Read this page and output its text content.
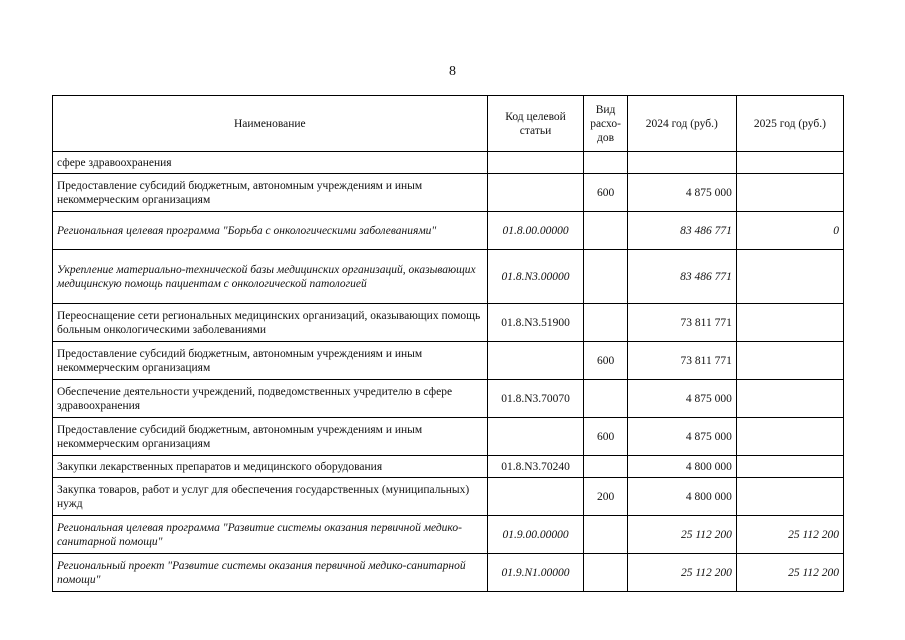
8
Наименование	Код целевой статьи	Вид расхо-дов	2024 год (руб.)	2025 год (руб.)
сфере здравоохранения				
Предоставление субсидий бюджетным, автономным учреждениям и иным некоммерческим организациям		600	4 875 000	
Региональная целевая программа "Борьба с онкологическими заболеваниями"	01.8.00.00000		83 486 771	0
Укрепление материально-технической базы медицинских организаций, оказывающих медицинскую помощь пациентам с онкологической патологией	01.8.N3.00000		83 486 771	
Переоснащение сети региональных медицинских организаций, оказывающих помощь больным онкологическими заболеваниями	01.8.N3.51900		73 811 771	
Предоставление субсидий бюджетным, автономным учреждениям и иным некоммерческим организациям		600	73 811 771	
Обеспечение деятельности учреждений, подведомственных учредителю в сфере здравоохранения	01.8.N3.70070		4 875 000	
Предоставление субсидий бюджетным, автономным учреждениям и иным некоммерческим организациям		600	4 875 000	
Закупки лекарственных препаратов и медицинского оборудования	01.8.N3.70240		4 800 000	
Закупка товаров, работ и услуг для обеспечения государственных (муниципальных) нужд		200	4 800 000	
Региональная целевая программа "Развитие системы оказания первичной медико-санитарной помощи"	01.9.00.00000		25 112 200	25 112 200
Региональный проект "Развитие системы оказания первичной медико-санитарной помощи"	01.9.N1.00000		25 112 200	25 112 200
